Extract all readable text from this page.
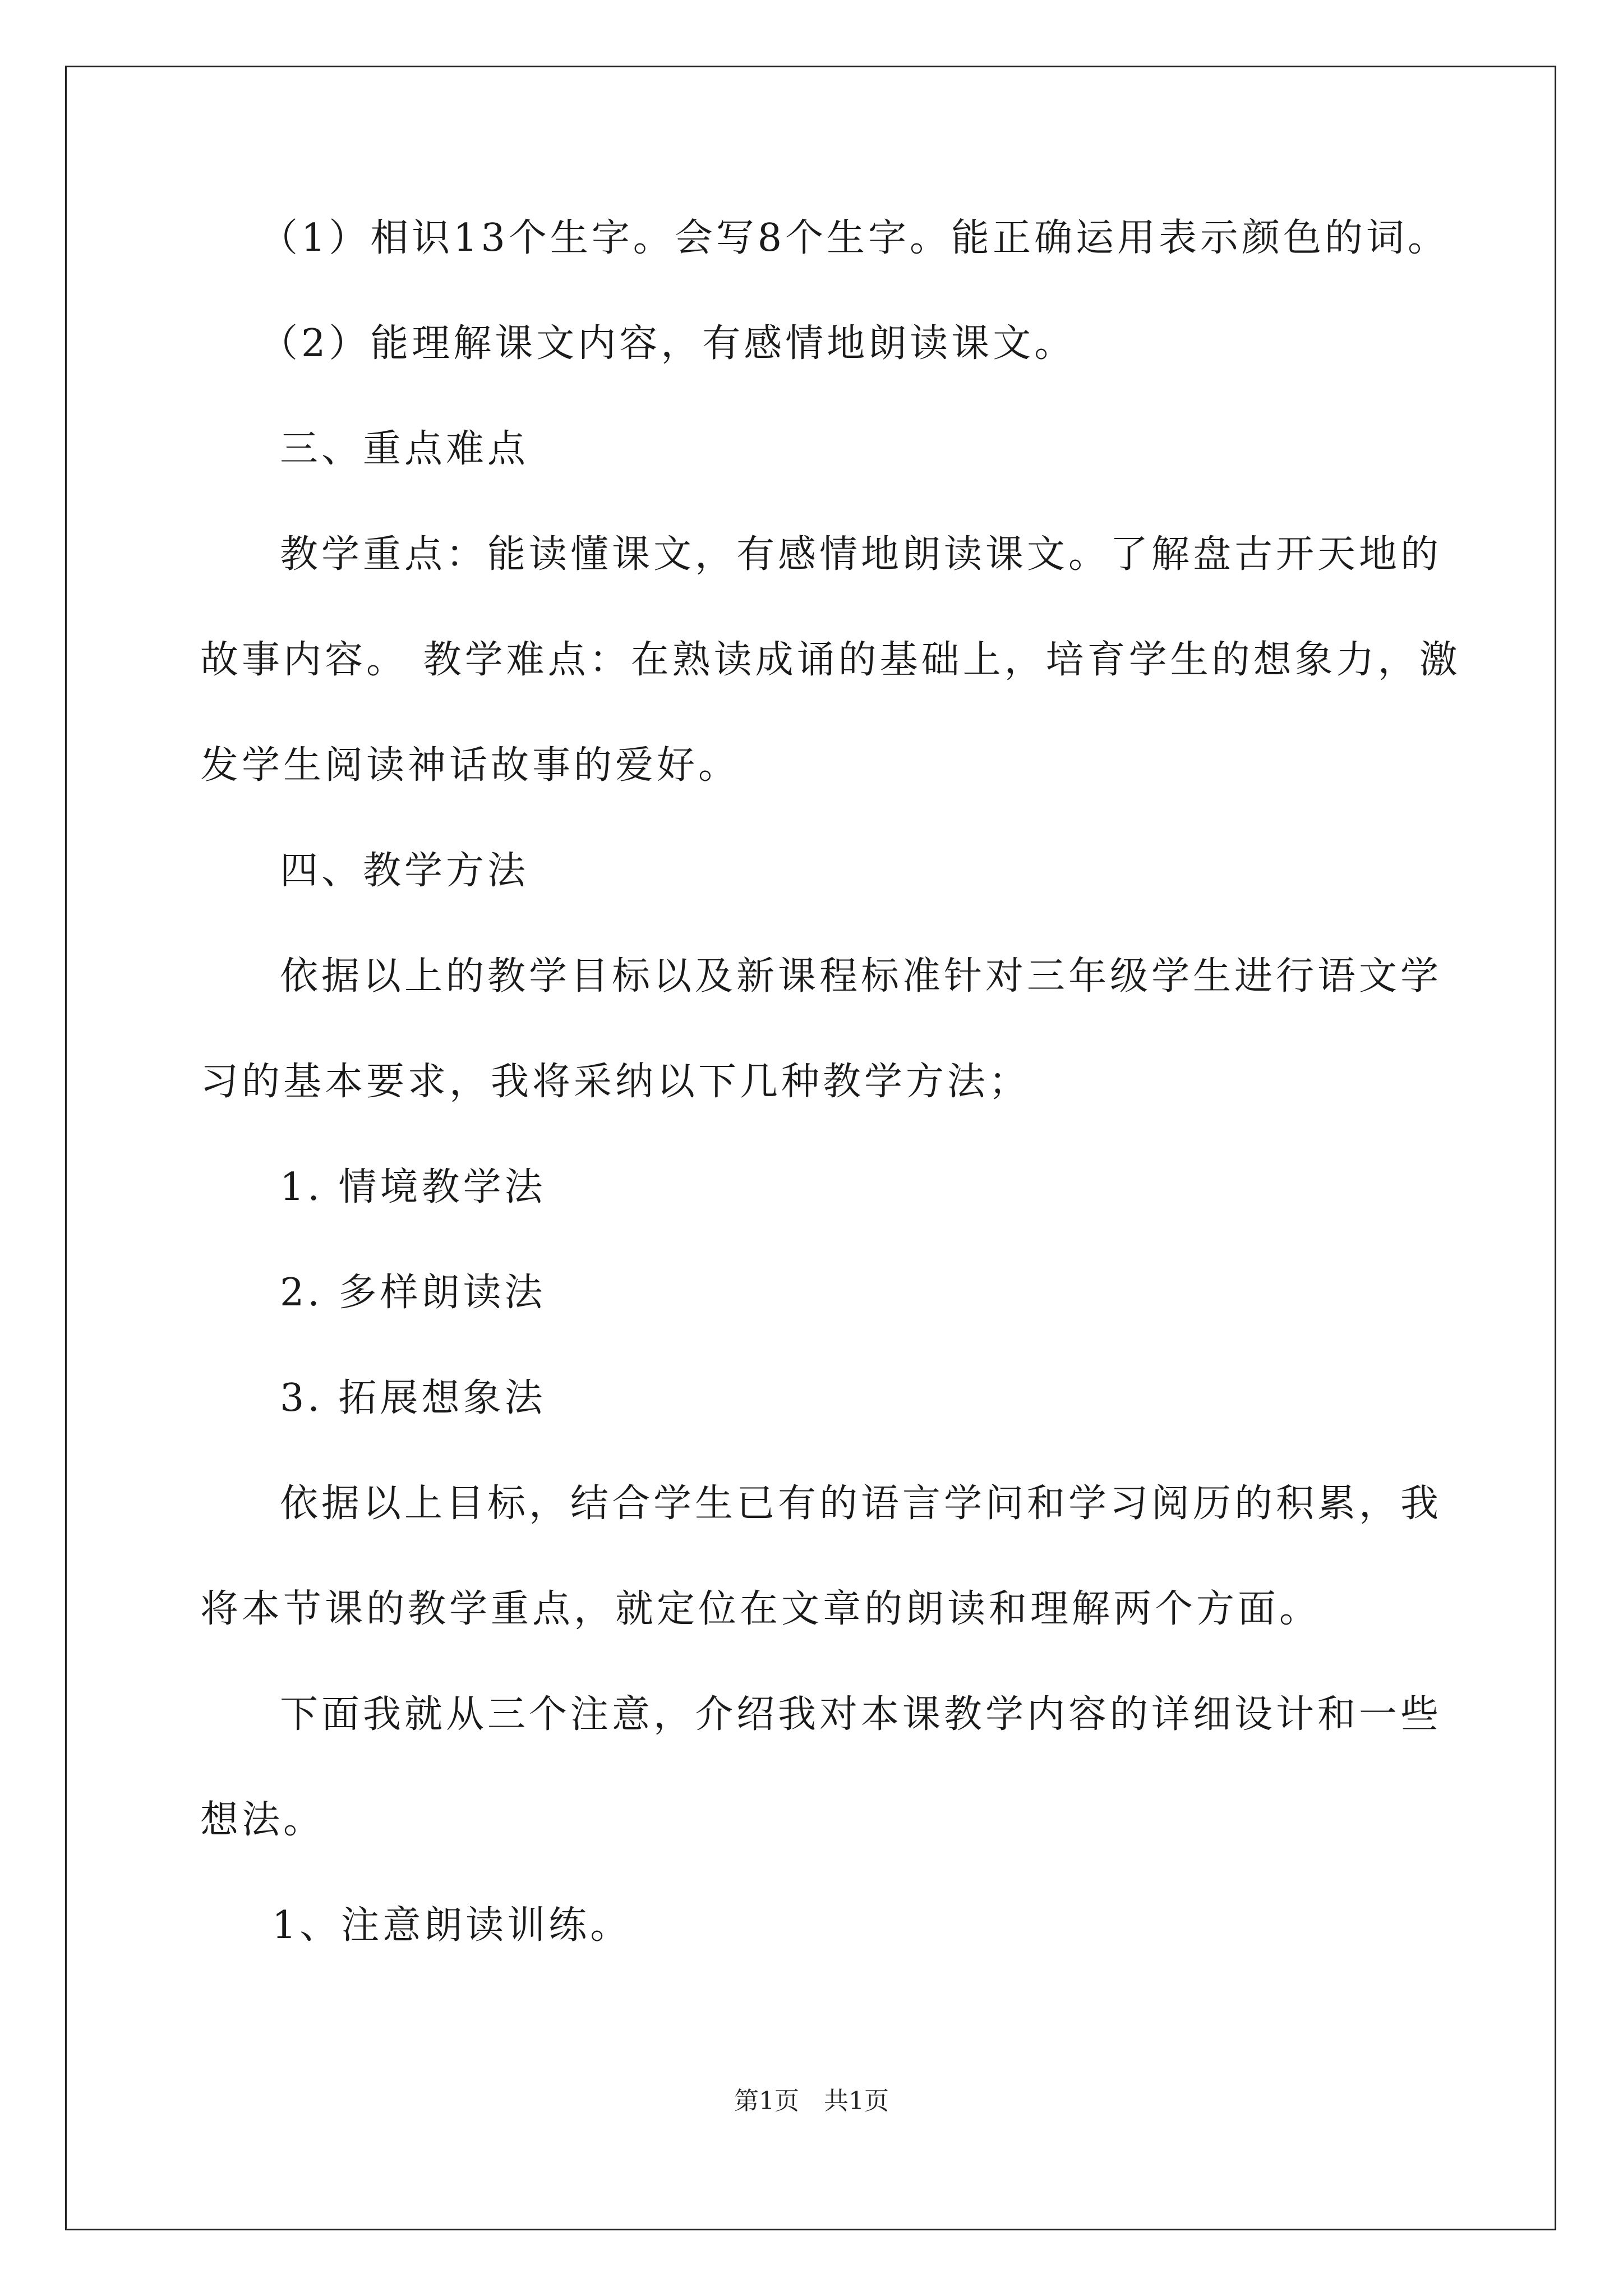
（1）相识13个生字。会写8个生字。能正确运用表示颜色的词。

（2）能理解课文内容，有感情地朗读课文。

三、重点难点

教学重点：能读懂课文，有感情地朗读课文。了解盘古开天地的

故事内容。 教学难点：在熟读成诵的基础上，培育学生的想象力，激

发学生阅读神话故事的爱好。

四、教学方法

依据以上的教学目标以及新课程标准针对三年级学生进行语文学

习的基本要求，我将采纳以下几种教学方法；

1. 情境教学法

2. 多样朗读法

3. 拓展想象法

依据以上目标，结合学生已有的语言学问和学习阅历的积累，我

将本节课的教学重点，就定位在文章的朗读和理解两个方面。

下面我就从三个注意，介绍我对本课教学内容的详细设计和一些

想法。

1、注意朗读训练。

第1页　共1页
